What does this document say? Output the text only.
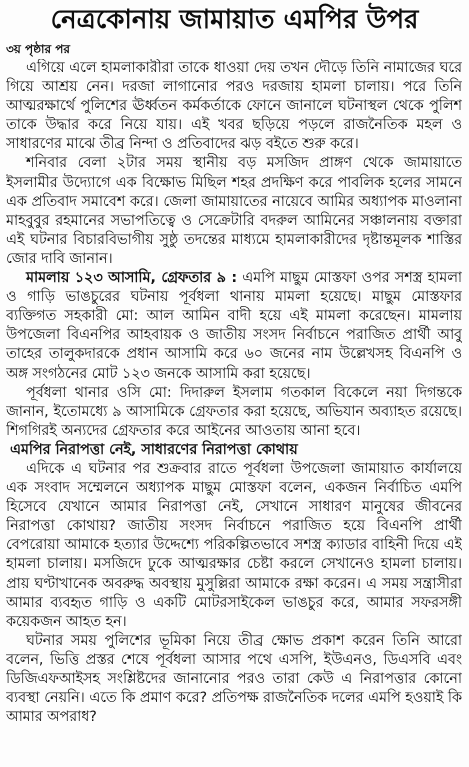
নেত্রকোনায় জামায়াত এমপির উপর
৩য় পৃষ্ঠার পর

এগিয়ে এলে হামলাকারীরা তাকে ধাওয়া দেয় তখন দৌড়ে তিনি নামাজের ঘরে গিয়ে আশ্রয় নেন। দরজা লাগানোর পরও দরজায় হামলা চালায়। পরে তিনি আত্মরক্ষার্থে পুলিশের ঊর্ধ্বতন কর্মকর্তাকে ফোনে জানালে ঘটনাস্থল থেকে পুলিশ তাকে উদ্ধার করে নিয়ে যায়। এই খবর ছড়িয়ে পড়লে রাজনৈতিক মহল ও সাধারণের মাঝে তীব্র নিন্দা ও প্রতিবাদের ঝড় বইতে শুরু করে।

শনিবার বেলা ২টার সময় স্থানীয় বড় মসজিদ প্রাঙ্গণ থেকে জামায়াতে ইসলামীর উদ্যোগে এক বিক্ষোভ মিছিল শহর প্রদক্ষিণ করে পাবলিক হলের সামনে এক প্রতিবাদ সমাবেশ করে। জেলা জামায়াতের নায়েবে আমির অধ্যাপক মাওলানা মাহবুবুর রহমানের সভাপতিত্বে ও সেক্রেটারি বদরুল আমিনের সঞ্চালনায় বক্তারা এই ঘটনার বিচারবিভাগীয় সুষ্ঠু তদন্তের মাধ্যমে হামলাকারীদের দৃষ্টান্তমূলক শাস্তির জোর দাবি জানান।

মামলায় ১২৩ আসামি, গ্রেফতার ৯ : এমপি মাছুম মোস্তফা ওপর সশস্ত্র হামলা ও গাড়ি ভাঙচুরের ঘটনায় পূর্বধলা থানায় মামলা হয়েছে। মাছুম মোস্তফার ব্যক্তিগত সহকারী মো: আল আমিন বাদী হয়ে এই মামলা করেছেন। মামলায় উপজেলা বিএনপির আহবায়ক ও জাতীয় সংসদ নির্বাচনে পরাজিত প্রার্থী আবু তাহের তালুকদারকে প্রধান আসামি করে ৬০ জনের নাম উল্লেখসহ বিএনপি ও অঙ্গ সংগঠনের মোট ১২৩ জনকে আসামি করা হয়েছে।

পূর্বধলা থানার ওসি মো: দিদারুল ইসলাম গতকাল বিকেলে নয়া দিগন্তকে জানান, ইতোমধ্যে ৯ আসামিকে গ্রেফতার করা হয়েছে, অভিযান অব্যাহত রয়েছে। শিগগিরই অন্যদের গ্রেফতার করে আইনের আওতায় আনা হবে।

এমপির নিরাপত্তা নেই, সাধারণের নিরাপত্তা কোথায়

এদিকে এ ঘটনার পর শুক্রবার রাতে পূর্বধলা উপজেলা জামায়াত কার্যালয়ে এক সংবাদ সম্মেলনে অধ্যাপক মাছুম মোস্তফা বলেন, একজন নির্বাচিত এমপি হিসেবে যেখানে আমার নিরাপত্তা নেই, সেখানে সাধারণ মানুষের জীবনের নিরাপত্তা কোথায়? জাতীয় সংসদ নির্বাচনে পরাজিত হয়ে বিএনপি প্রার্থী বেপরোয়া আমাকে হত্যার উদ্দেশ্যে পরিকল্পিতভাবে সশস্ত্র ক্যাডার বাহিনী দিয়ে এই হামলা চালায়। মসজিদে ঢুকে আত্মরক্ষার চেষ্টা করলে সেখানেও হামলা চালায়। প্রায় ঘণ্টাখানেক অবরুদ্ধ অবস্থায় মুসুল্লিরা আমাকে রক্ষা করেন। এ সময় সন্ত্রাসীরা আমার ব্যবহৃত গাড়ি ও একটি মোটরসাইকেল ভাঙচুর করে, আমার সফরসঙ্গী কয়েকজন আহত হন।

ঘটনার সময় পুলিশের ভূমিকা নিয়ে তীব্র ক্ষোভ প্রকাশ করেন তিনি আরো বলেন, ভিত্তি প্রস্তর শেষে পূর্বধলা আসার পথে এসপি, ইউএনও, ডিএসবি এবং ডিজিএফআইসহ সংশ্লিষ্টদের জানানোর পরও তারা কেউ এ নিরাপত্তার কোনো ব্যবস্থা নেয়নি। এতে কি প্রমাণ করে? প্রতিপক্ষ রাজনৈতিক দলের এমপি হওয়াই কি আমার অপরাধ?
